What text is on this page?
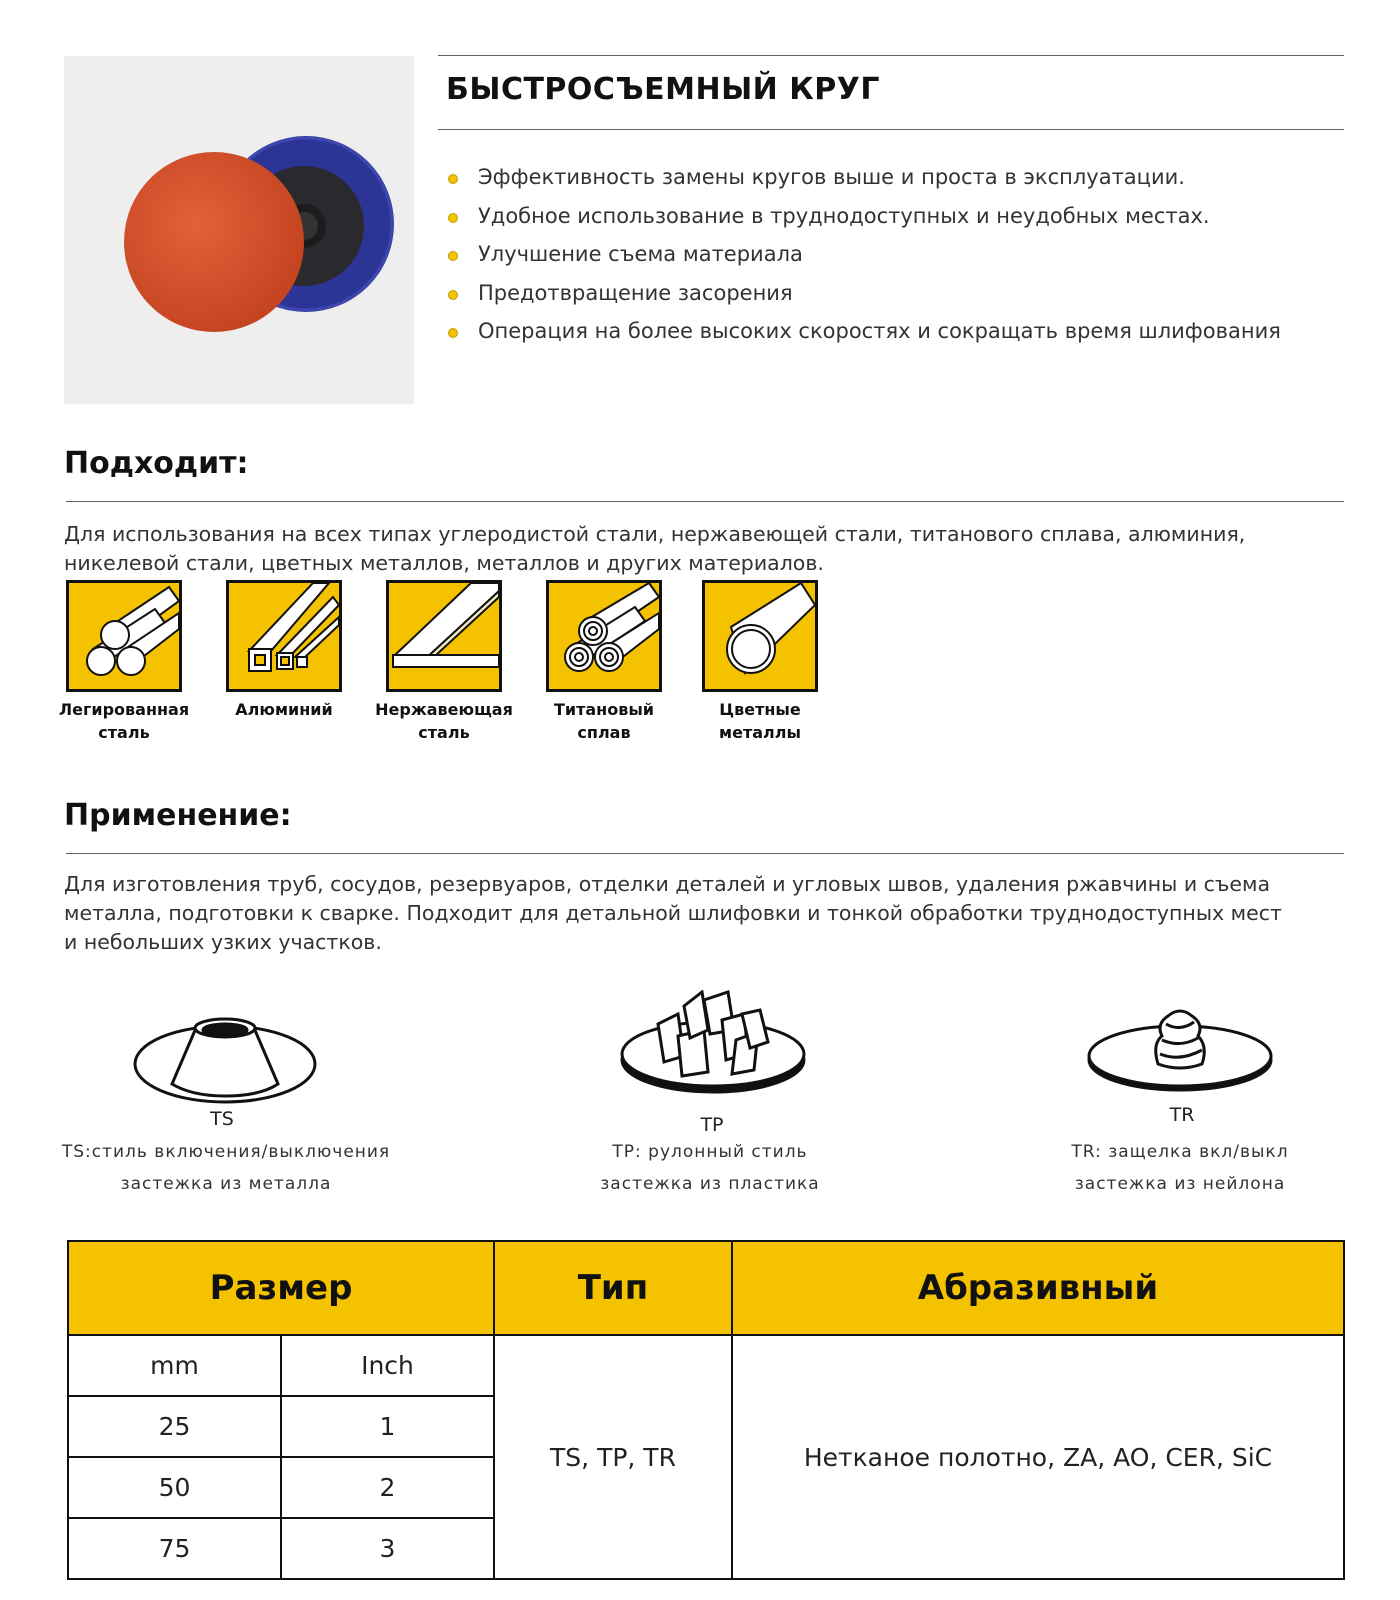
БЫСТРОСЪЕМНЫЙ КРУГ
Эффективность замены кругов выше и проста в эксплуатации.
Удобное использование в труднодоступных и неудобных местах.
Улучшение съема материала
Предотвращение засорения
Операция на более высоких скоростях и сокращать время шлифования
Подходит:
Для использования на всех типах углеродистой стали, нержавеющей стали, титанового сплава, алюминия,
никелевой стали, цветных металлов, металлов и других материалов.
Легированная
сталь
Алюминий	Нержавеющая
сталь
Титановый
сплав
Цветные
металлы
Применение:
Для изготовления труб, сосудов, резервуаров, отделки деталей и угловых швов, удаления ржавчины и съема
металла, подготовки к сварке. Подходит для детальной шлифовки и тонкой обработки труднодоступных мест
и небольших узких участков.
TS
TS:стиль включения/выключения
застежка из металла
TP
TP: рулонный стиль
застежка из пластика
TR
TR: защелка вкл/выкл
застежка из нейлона
Размер		Тип	Абразивный
mm	Inch	TS, TP, TR	Нетканое полотно, ZA, AO, CER, SiC
25	1		
50	2		
75	3		
